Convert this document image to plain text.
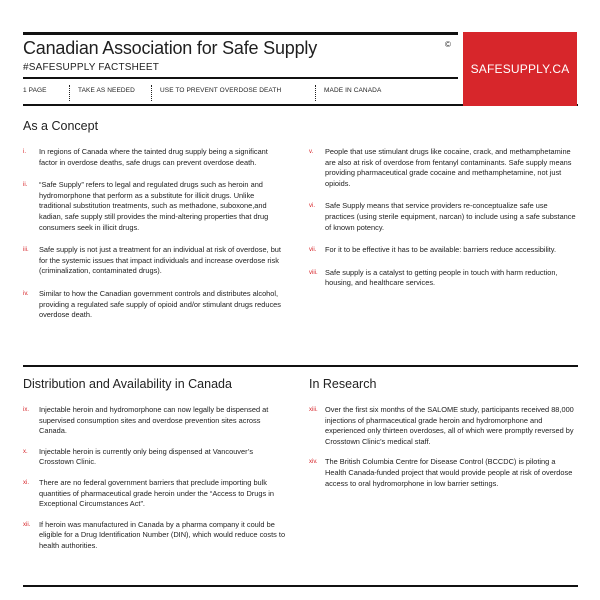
Canadian Association for Safe Supply
#SAFESUPPLY FACTSHEET
©
SAFESUPPLY.CA
1 PAGE	TAKE AS NEEDED	USE TO PREVENT OVERDOSE DEATH	MADE IN CANADA
As a Concept
i.	In regions of Canada where the tainted drug supply being a significant factor in overdose deaths, safe drugs can prevent overdose death.
ii.	“Safe Supply” refers to legal and regulated drugs such as heroin and hydromorphone that perform as a substitute for illicit drugs. Unlike traditional substitution treatments, such as methadone, suboxone,and kadian, safe supply still provides the mind-altering properties that drug consumers seek in illicit drugs.
iii.	Safe supply is not just a treatment for an individual at risk of overdose, but for the systemic issues that impact individuals and increase overdose risk (criminalization, contaminated drugs).
iv.	Similar to how the Canadian government controls and distributes alcohol, providing a regulated safe supply of opioid and/or stimulant drugs reduces overdose death.
v.	People that use stimulant drugs like cocaine, crack, and methamphetamine are also at risk of overdose from fentanyl contaminants. Safe supply means providing pharmaceutical grade cocaine and methamphetamine, not just opioids.
vi.	Safe Supply means that service providers re-conceptualize safe use practices (using sterile equipment, narcan) to include using a safe substance of known potency.
vii.	For it to be effective it has to be available: barriers reduce accessibility.
viii. Safe supply is a catalyst to getting people in touch with harm reduction, housing, and healthcare services.
Distribution and Availability in Canada
ix.	Injectable heroin and hydromorphone can now legally be dispensed at supervised consumption sites and overdose prevention sites across Canada.
x.	Injectable heroin is currently only being dispensed at Vancouver’s Crosstown Clinic.
xi.	There are no federal government barriers that preclude importing bulk quantities of pharmaceutical grade heroin under the “Access to Drugs in Exceptional Circumstances Act”.
xii.	If heroin was manufactured in Canada by a pharma company it could be eligible for a Drug Identification Number (DIN), which would reduce costs to health authorities.
In Research
xiii. Over the first six months of the SALOME study, participants received 88,000 injections of pharmaceutical grade heroin and hydromorphone and experienced only thirteen overdoses, all of which were promptly reversed by Crosstown Clinic’s medical staff.
xiv.	The British Columbia Centre for Disease Control (BCCDC) is piloting a Health Canada-funded project that would provide people at risk of overdose access to oral hydromorphone in low barrier settings.
